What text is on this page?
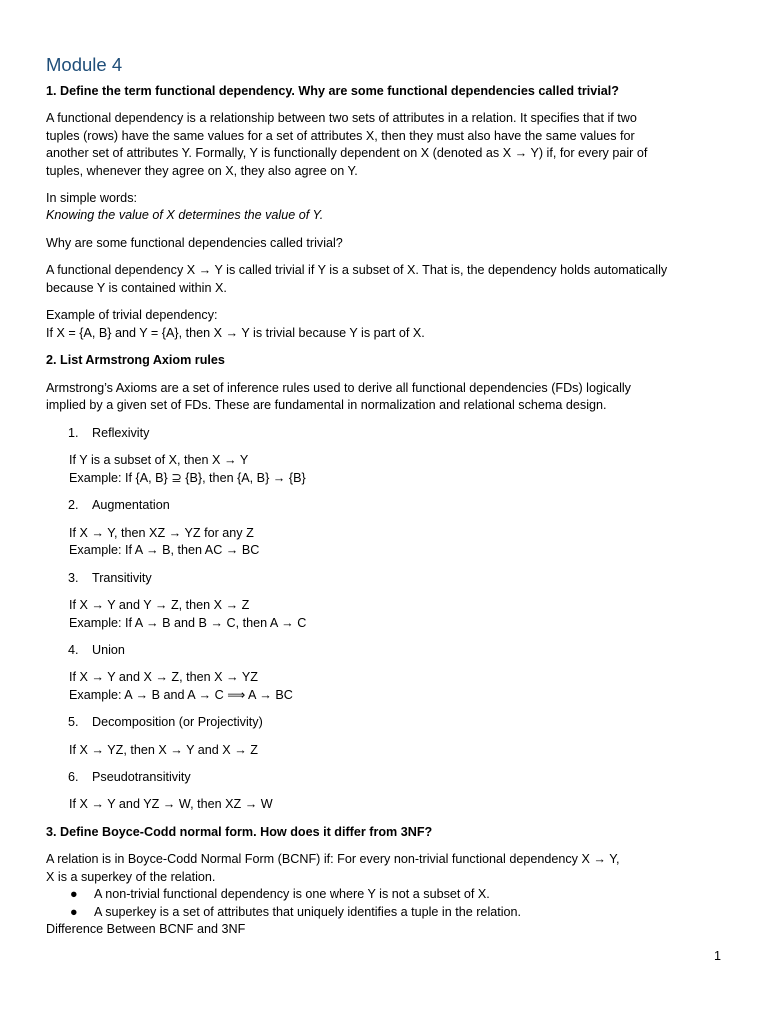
Module 4
1. Define the term functional dependency. Why are some functional dependencies called trivial?
A functional dependency is a relationship between two sets of attributes in a relation. It specifies that if two
tuples (rows) have the same values for a set of attributes X, then they must also have the same values for
another set of attributes Y. Formally, Y is functionally dependent on X (denoted as X → Y) if, for every pair of
tuples, whenever they agree on X, they also agree on Y.
In simple words:
Knowing the value of X determines the value of Y.
Why are some functional dependencies called trivial?
A functional dependency X → Y is called trivial if Y is a subset of X. That is, the dependency holds automatically
because Y is contained within X.
Example of trivial dependency:
If X = {A, B} and Y = {A}, then X → Y is trivial because Y is part of X.
2. List Armstrong Axiom rules
Armstrong’s Axioms are a set of inference rules used to derive all functional dependencies (FDs) logically
implied by a given set of FDs. These are fundamental in normalization and relational schema design.
1. Reflexivity
If Y is a subset of X, then X → Y
Example: If {A, B} ⊇ {B}, then {A, B} → {B}
2. Augmentation
If X → Y, then XZ → YZ for any Z
Example: If A → B, then AC → BC
3. Transitivity
If X → Y and Y → Z, then X → Z
Example: If A → B and B → C, then A → C
4. Union
If X → Y and X → Z, then X → YZ
Example: A → B and A → C ⟹ A → BC
5. Decomposition (or Projectivity)
If X → YZ, then X → Y and X → Z
6. Pseudotransitivity
If X → Y and YZ → W, then XZ → W
3. Define Boyce-Codd normal form. How does it differ from 3NF?
A relation is in Boyce-Codd Normal Form (BCNF) if: For every non-trivial functional dependency X → Y,
X is a superkey of the relation.
● A non-trivial functional dependency is one where Y is not a subset of X.
● A superkey is a set of attributes that uniquely identifies a tuple in the relation.
Difference Between BCNF and 3NF
1
